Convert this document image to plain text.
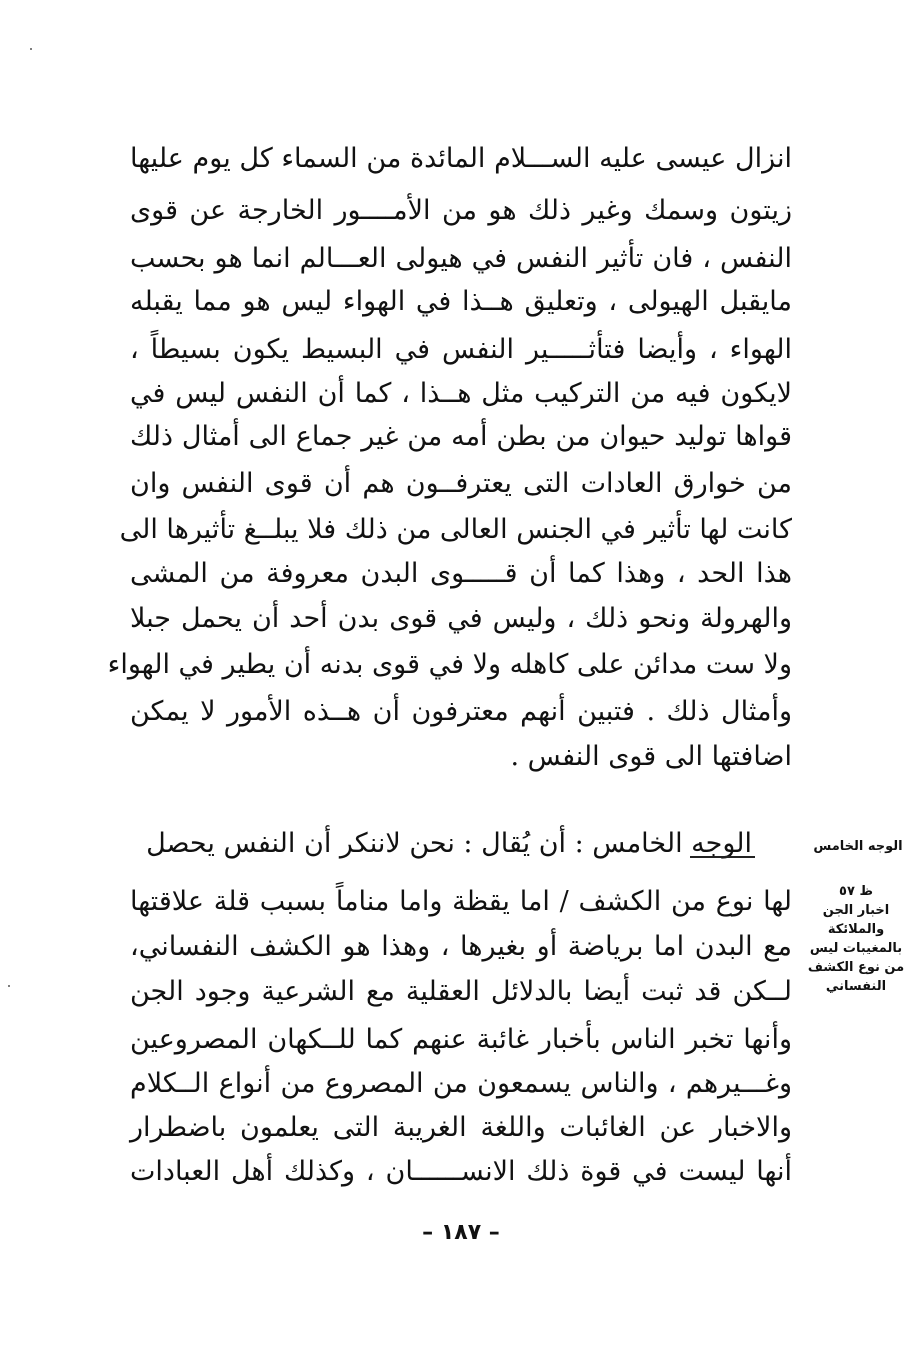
انزال عيسى عليه الســـلام المائدة من السماء كل يوم عليها
زيتون وسمك وغير ذلك هو من الأمــــور الخارجة عن قوى
النفس ، فان تأثير النفس في هيولى العـــالم انما هو بحسب
مايقبل الهيولى ، وتعليق هــذا في الهواء ليس هو مما يقبله
الهواء ، وأيضا فتأثـــــير النفس في البسيط يكون بسيطاً ،
لايكون فيه من التركيب مثل هــذا ، كما أن النفس ليس في
قواها توليد حيوان من بطن أمه من غير جماع الى أمثال ذلك
من خوارق العادات التى يعترفــون هم أن قوى النفس وان
كانت لها تأثير في الجنس العالى من ذلك فلا يبلــغ تأثيرها الى
هذا الحد ، وهذا كما أن قـــــوى البدن معروفة من المشى
والهرولة ونحو ذلك ، وليس في قوى بدن أحد أن يحمل جبلا
ولا ست مدائن على كاهله ولا في قوى بدنه أن يطير في الهواء
وأمثال ذلك . فتبين أنهم معترفون أن هــذه الأمور لا يمكن
اضافتها الى قوى النفس .
الوجه الخامس : أن يُقال : نحن لاننكر أن النفس يحصل
لها نوع من الكشف / اما يقظة واما مناماً بسبب قلة علاقتها
مع البدن اما برياضة أو بغيرها ، وهذا هو الكشف النفساني،
لــكن قد ثبت أيضا بالدلائل العقلية مع الشرعية وجود الجن
وأنها تخبر الناس بأخبار غائبة عنهم كما للــكهان المصروعين
وغـــيرهم ، والناس يسمعون من المصروع من أنواع الــكلام
والاخبار عن الغائبات واللغة الغريبة التى يعلمون باضطرار
أنها ليست في قوة ذلك الانســــــان ، وكذلك أهل العبادات
الوجه الخامس
ظ ٥٧
اخبار الجن
والملائكة
بالمغيبات ليس
من نوع الكشف
النفساني
– ١٨٧ –
